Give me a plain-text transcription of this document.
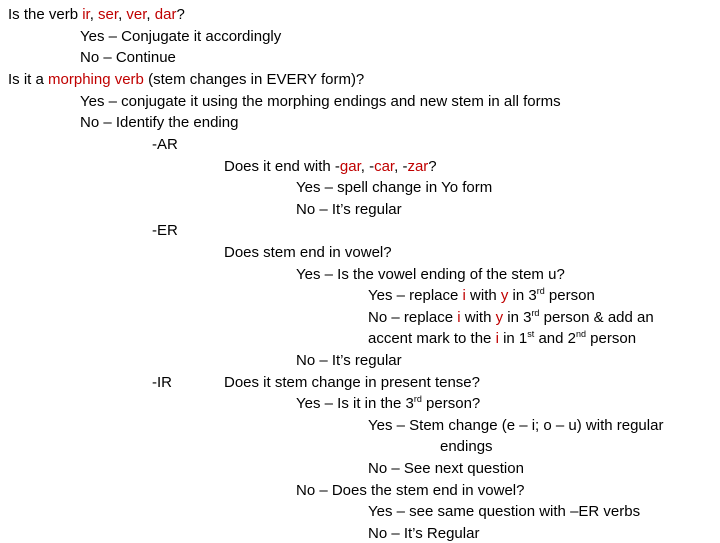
Is the verb ir, ser, ver, dar?
Yes – Conjugate it accordingly
No – Continue
Is it a morphing verb (stem changes in EVERY form)?
Yes – conjugate it using the morphing endings and new stem in all forms
No – Identify the ending
-AR
Does it end with -gar, -car, -zar?
Yes – spell change in Yo form
No – It’s regular
-ER
Does stem end in vowel?
Yes – Is the vowel ending of the stem u?
Yes – replace i with y in 3rd person
No – replace i with y in 3rd person & add an
accent mark to the i in 1st and 2nd person
No – It’s regular
-IR	Does it stem change in present tense?
Yes – Is it in the 3rd person?
Yes – Stem change (e – i; o – u) with regular
endings
No – See next question
No – Does the stem end in vowel?
Yes – see same question with –ER verbs
No – It’s Regular
